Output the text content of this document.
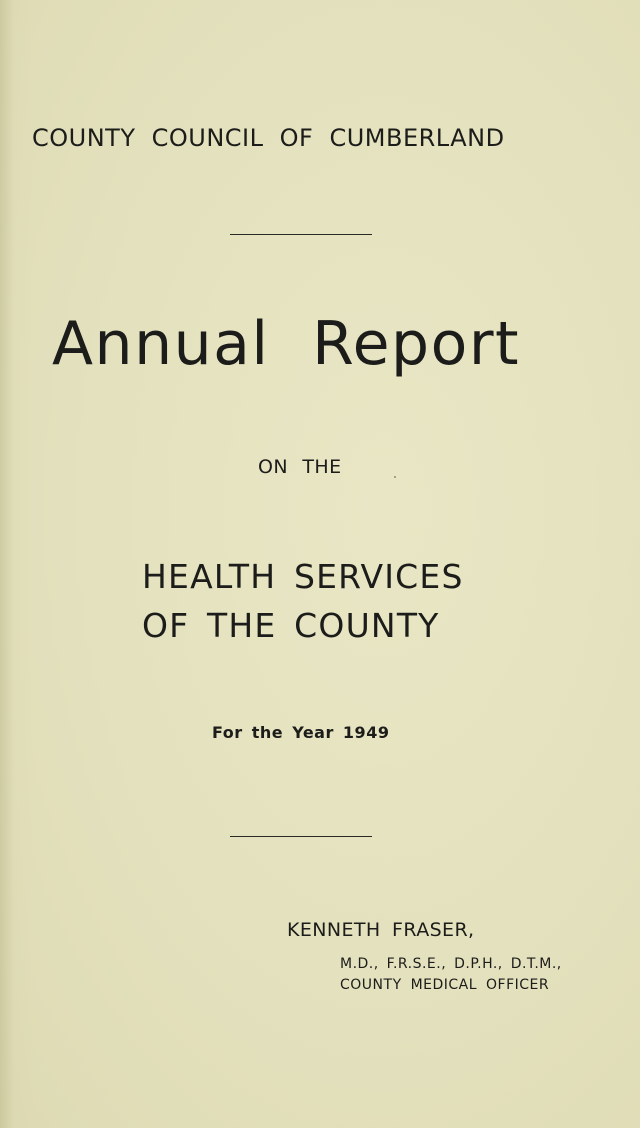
COUNTY COUNCIL OF CUMBERLAND
Annual Report
ON THE
HEALTH SERVICES
OF THE COUNTY
For the Year 1949
KENNETH FRASER,
M.D., F.R.S.E., D.P.H., D.T.M.,
COUNTY MEDICAL OFFICER
